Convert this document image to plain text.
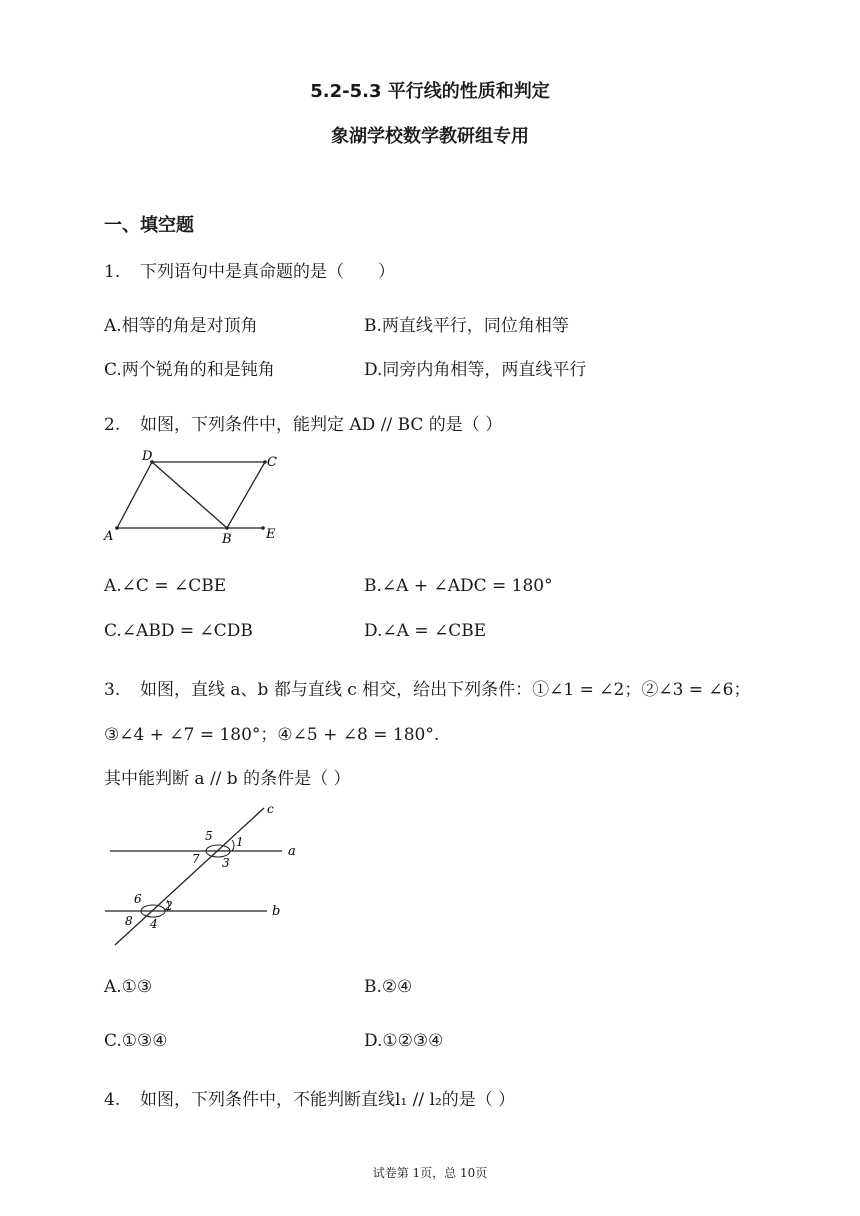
5.2-5.3 平行线的性质和判定
象湖学校数学教研组专用
一、填空题
1. 下列语句中是真命题的是（　　）
A.相等的角是对顶角	B.两直线平行，同位角相等
C.两个锐角的和是钝角	D.同旁内角相等，两直线平行
2. 如图，下列条件中，能判定 AD // BC 的是（ ）
D	C
A	B	E
A.∠C = ∠CBE	B.∠A + ∠ADC = 180°
C.∠ABD = ∠CDB	D.∠A = ∠CBE
3. 如图，直线 a、b 都与直线 c 相交，给出下列条件：①∠1 = ∠2；②∠3 = ∠6；
③∠4 + ∠7 = 180°；④∠5 + ∠8 = 180°.
其中能判断 a // b 的条件是（ ）
c
a
b
1
5
7 3
2
6
8 4
A.①③	B.②④
C.①③④	D.①②③④
4. 如图，下列条件中，不能判断直线l₁ // l₂的是（ ）
试卷第 1页，总 10页
